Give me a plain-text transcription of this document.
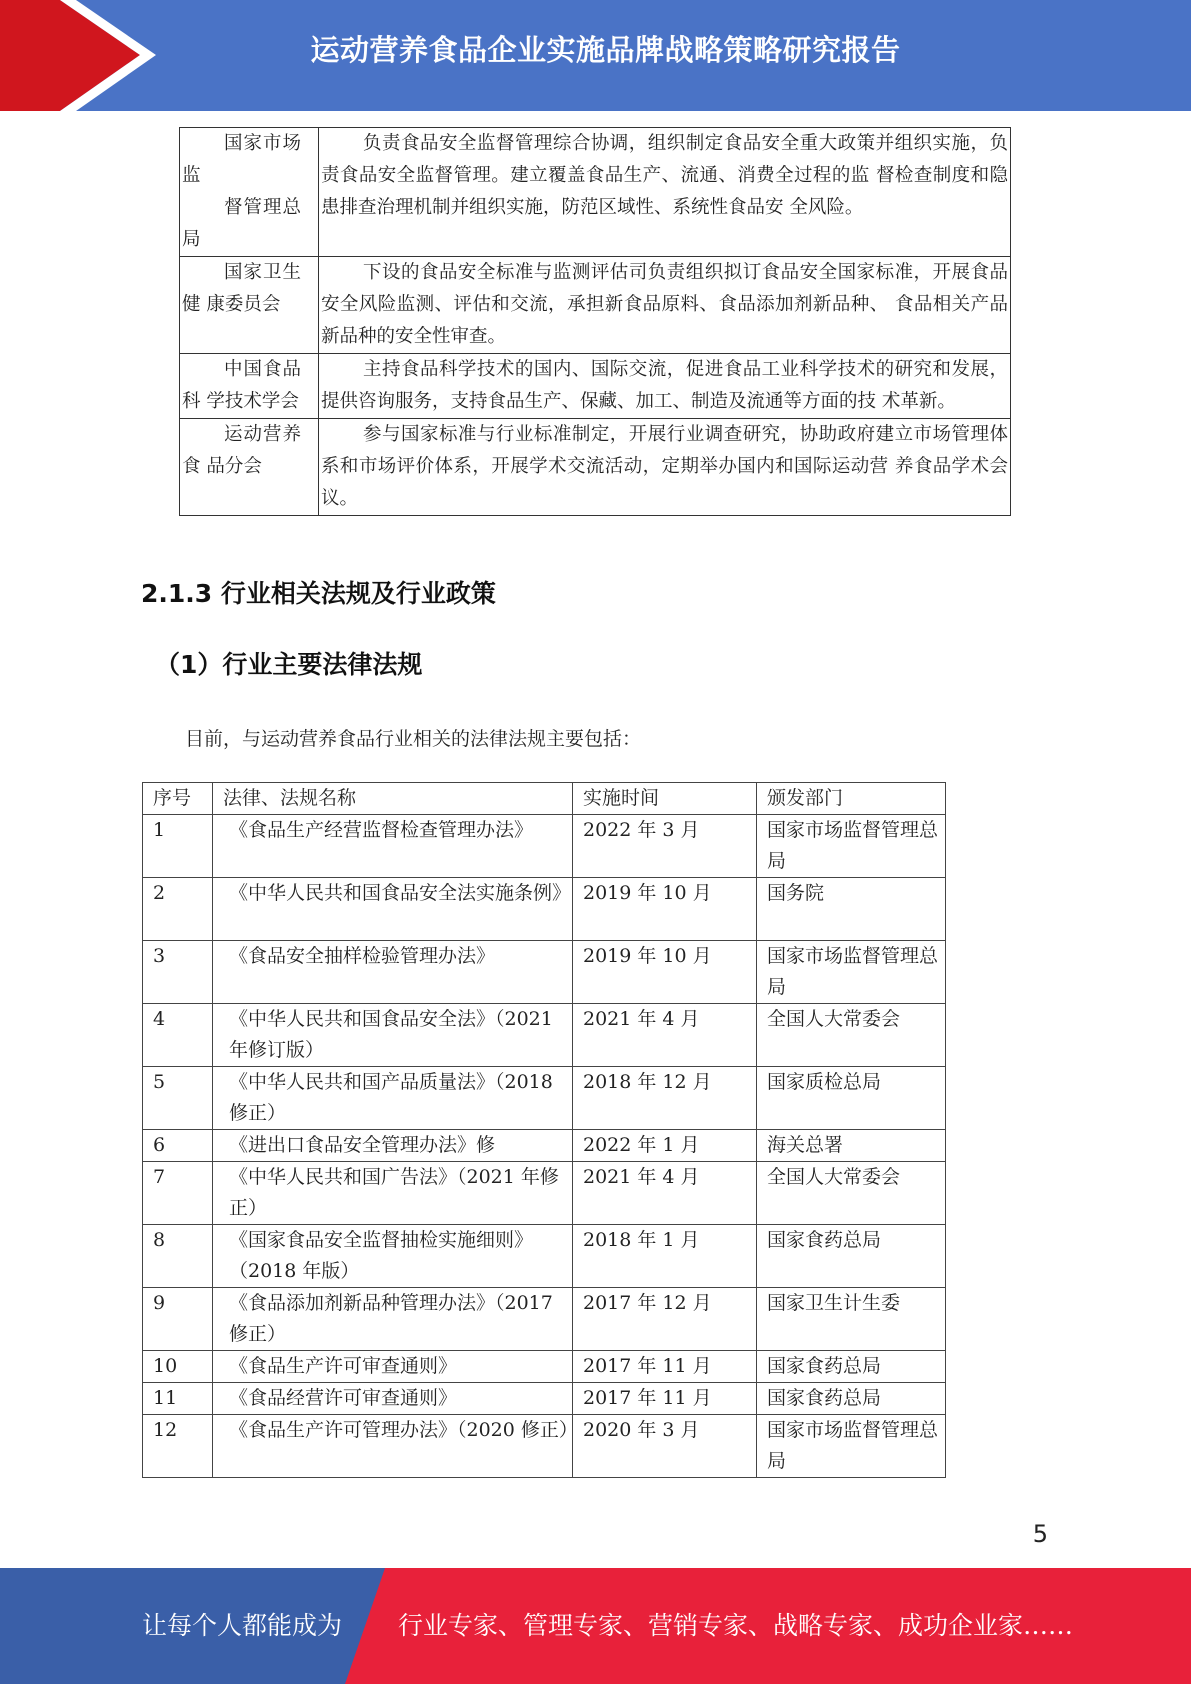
运动营养食品企业实施品牌战略策略研究报告
国家市场
监
督管理总
局	负责食品安全监督管理综合协调，组织制定食品安全重大政策并组织实施，负责食品安全监督管理。建立覆盖食品生产、流通、消费全过程的监 督检查制度和隐患排查治理机制并组织实施，防范区域性、系统性食品安 全风险。

国家卫生
健 康委员会	下设的食品安全标准与监测评估司负责组织拟订食品安全国家标准，开展食品安全风险监测、评估和交流，承担新食品原料、食品添加剂新品种、 食品相关产品新品种的安全性审查。

中国食品
科 学技术学会	主持食品科学技术的国内、国际交流，促进食品工业科学技术的研究和发展，提供咨询服务，支持食品生产、保藏、加工、制造及流通等方面的技 术革新。

运动营养
食 品分会	参与国家标准与行业标准制定，开展行业调查研究，协助政府建立市场管理体系和市场评价体系，开展学术交流活动，定期举办国内和国际运动营 养食品学术会议。
2.1.3 行业相关法规及行业政策
（1）行业主要法律法规
目前，与运动营养食品行业相关的法律法规主要包括：
序号	法律、法规名称	实施时间	颁发部门
1	《食品生产经营监督检查管理办法》	2022 年 3 月	国家市场监督管理总局
2	《中华人民共和国食品安全法实施条例》	2019 年 10 月	国务院
3	《食品安全抽样检验管理办法》	2019 年 10 月	国家市场监督管理总局
4	《中华人民共和国食品安全法》（2021 年修订版）	2021 年 4 月	全国人大常委会
5	《中华人民共和国产品质量法》（2018 修正）	2018 年 12 月	国家质检总局
6	《进出口食品安全管理办法》修	2022 年 1 月	海关总署
7	《中华人民共和国广告法》（2021 年修正）	2021 年 4 月	全国人大常委会
8	《国家食品安全监督抽检实施细则》 （2018 年版）	2018 年 1 月	国家食药总局
9	《食品添加剂新品种管理办法》（2017 修正）	2017 年 12 月	国家卫生计生委
10	《食品生产许可审查通则》	2017 年 11 月	国家食药总局
11	《食品经营许可审查通则》	2017 年 11 月	国家食药总局
12	《食品生产许可管理办法》（2020 修正）	2020 年 3 月	国家市场监督管理总局
5
让每个人都能成为 行业专家、管理专家、营销专家、战略专家、成功企业家……
